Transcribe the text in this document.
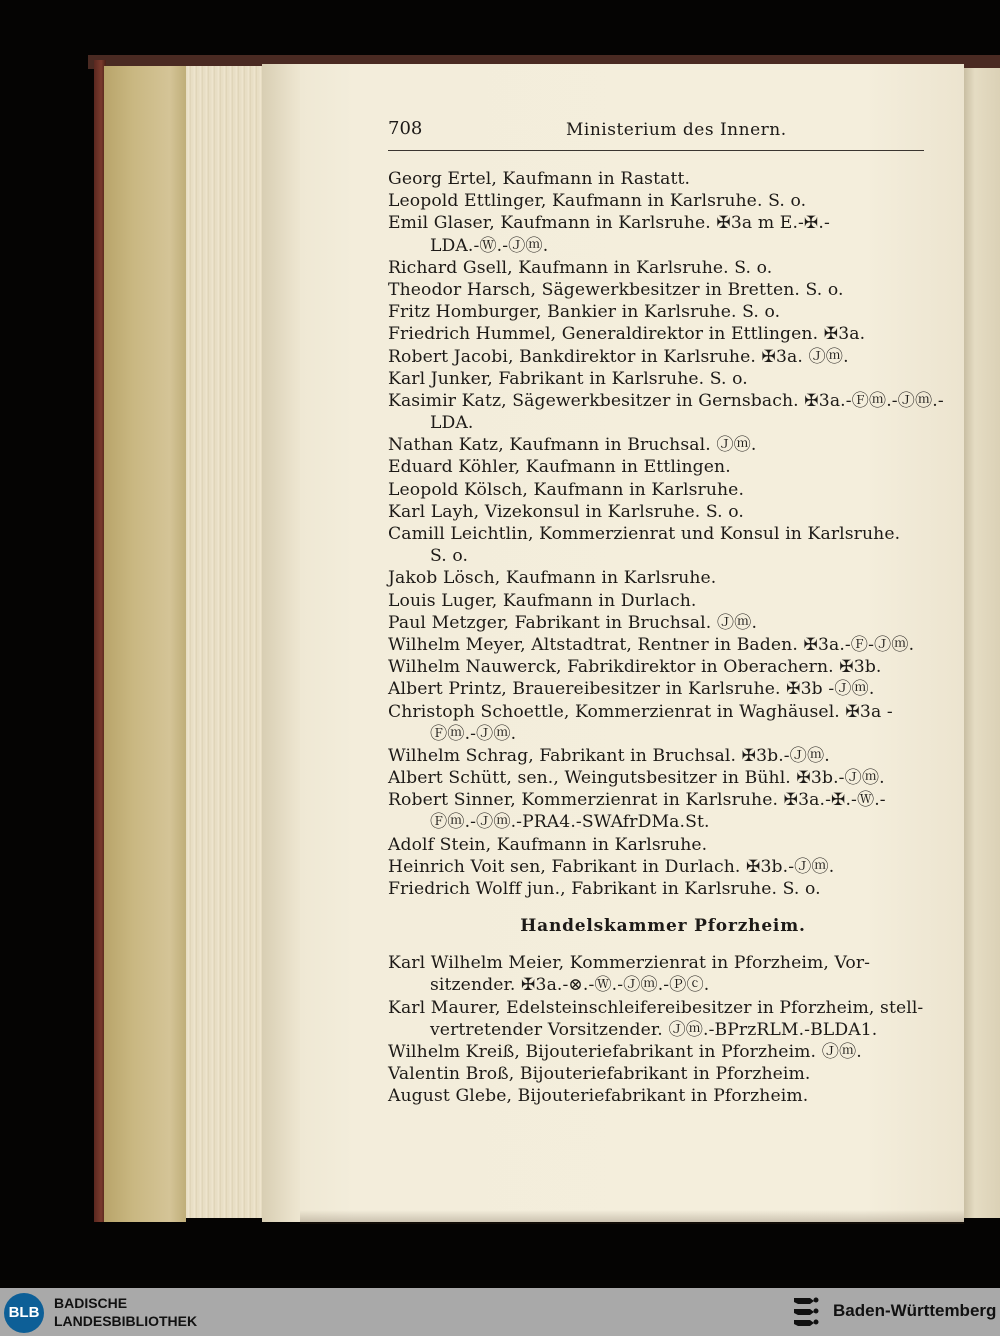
708	Ministerium des Innern.
Georg Ertel, Kaufmann in Rastatt.
Leopold Ettlinger, Kaufmann in Karlsruhe. S. o.
Emil Glaser, Kaufmann in Karlsruhe. ✠3a m E.-✠.-
LDA.-Ⓦ.-Ⓙⓜ.
Richard Gsell, Kaufmann in Karlsruhe. S. o.
Theodor Harsch, Sägewerkbesitzer in Bretten. S. o.
Fritz Homburger, Bankier in Karlsruhe. S. o.
Friedrich Hummel, Generaldirektor in Ettlingen. ✠3a.
Robert Jacobi, Bankdirektor in Karlsruhe. ✠3a. Ⓙⓜ.
Karl Junker, Fabrikant in Karlsruhe. S. o.
Kasimir Katz, Sägewerkbesitzer in Gernsbach. ✠3a.-Ⓕⓜ.-Ⓙⓜ.-
LDA.
Nathan Katz, Kaufmann in Bruchsal. Ⓙⓜ.
Eduard Köhler, Kaufmann in Ettlingen.
Leopold Kölsch, Kaufmann in Karlsruhe.
Karl Layh, Vizekonsul in Karlsruhe. S. o.
Camill Leichtlin, Kommerzienrat und Konsul in Karlsruhe.
S. o.
Jakob Lösch, Kaufmann in Karlsruhe.
Louis Luger, Kaufmann in Durlach.
Paul Metzger, Fabrikant in Bruchsal. Ⓙⓜ.
Wilhelm Meyer, Altstadtrat, Rentner in Baden. ✠3a.-Ⓕ-Ⓙⓜ.
Wilhelm Nauwerck, Fabrikdirektor in Oberachern. ✠3b.
Albert Printz, Brauereibesitzer in Karlsruhe. ✠3b -Ⓙⓜ.
Christoph Schoettle, Kommerzienrat in Waghäusel. ✠3a -
Ⓕⓜ.-Ⓙⓜ.
Wilhelm Schrag, Fabrikant in Bruchsal. ✠3b.-Ⓙⓜ.
Albert Schütt, sen., Weingutsbesitzer in Bühl. ✠3b.-Ⓙⓜ.
Robert Sinner, Kommerzienrat in Karlsruhe. ✠3a.-✠.-Ⓦ.-
Ⓕⓜ.-Ⓙⓜ.-PRA4.-SWAfrDMa.St.
Adolf Stein, Kaufmann in Karlsruhe.
Heinrich Voit sen, Fabrikant in Durlach. ✠3b.-Ⓙⓜ.
Friedrich Wolff jun., Fabrikant in Karlsruhe. S. o.
Handelskammer Pforzheim.
Karl Wilhelm Meier, Kommerzienrat in Pforzheim, Vor-
sitzender. ✠3a.-⊗.-Ⓦ.-Ⓙⓜ.-Ⓟⓒ.
Karl Maurer, Edelsteinschleifereibesitzer in Pforzheim, stell-
vertretender Vorsitzender. Ⓙⓜ.-BPrzRLM.-BLDA1.
Wilhelm Kreiß, Bijouteriefabrikant in Pforzheim. Ⓙⓜ.
Valentin Broß, Bijouteriefabrikant in Pforzheim.
August Glebe, Bijouteriefabrikant in Pforzheim.
BLB
BADISCHE
LANDESBIBLIOTHEK
Baden-Württemberg
